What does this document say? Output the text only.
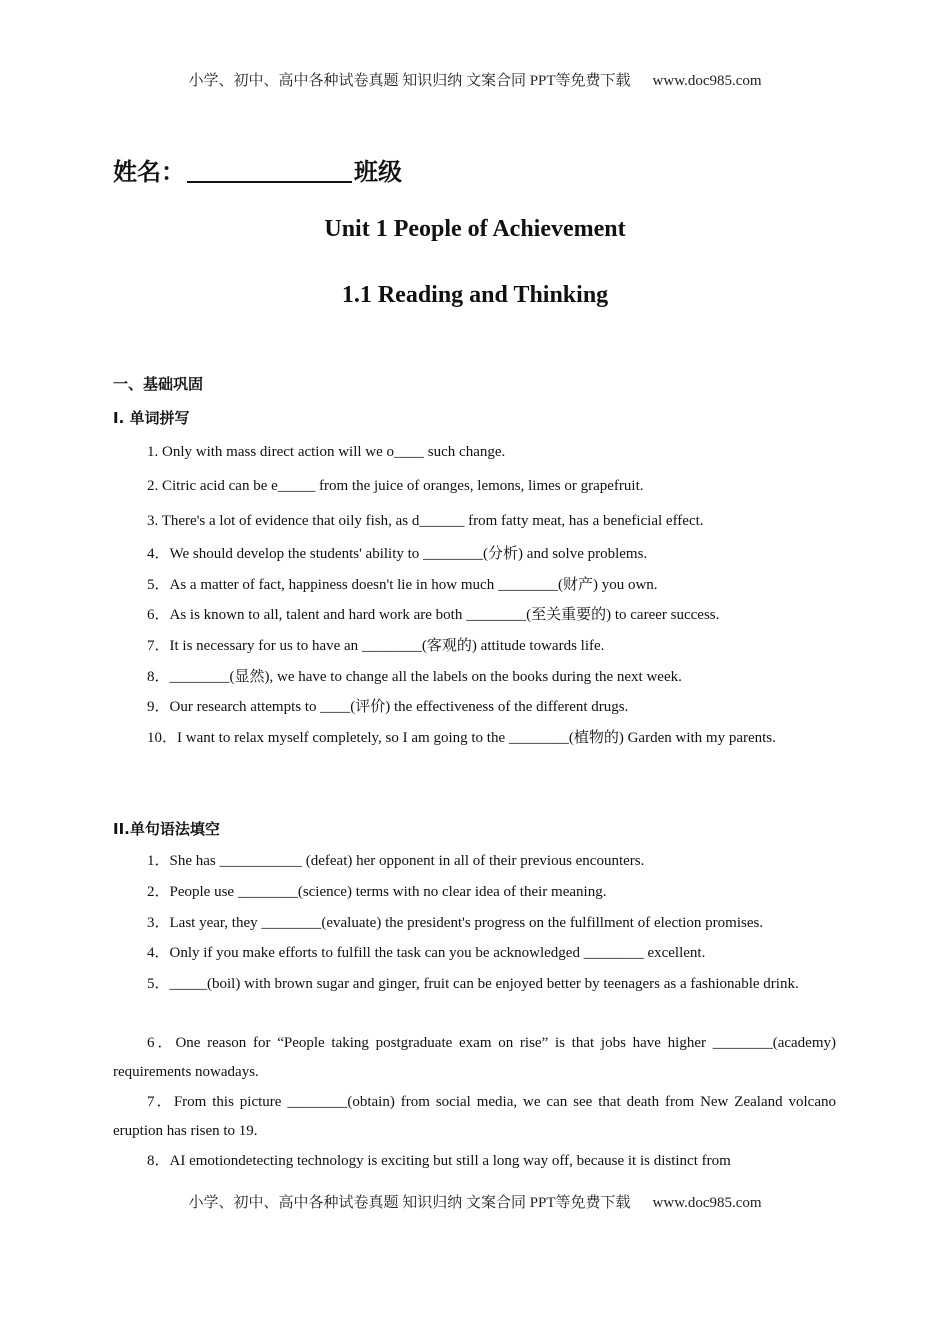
小学、初中、高中各种试卷真题 知识归纳 文案合同 PPT等免费下载 www.doc985.com
姓名：	班级
Unit 1 People of Achievement
1.1 Reading and Thinking
一、基础巩固
I. 单词拼写
1. Only with mass direct action will we o____ such change.
2. Citric acid can be e_____ from the juice of oranges, lemons, limes or grapefruit.
3. There's a lot of evidence that oily fish, as d______ from fatty meat, has a beneficial effect.
4．We should develop the students' ability to ________(分析) and solve problems.
5．As a matter of fact, happiness doesn't lie in how much ________(财产) you own.
6．As is known to all, talent and hard work are both ________(至关重要的) to career success.
7．It is necessary for us to have an ________(客观的) attitude towards life.
8．________(显然), we have to change all the labels on the books during the next week.
9．Our research attempts to ____(评价) the effectiveness of the different drugs.
10．I want to relax myself completely, so I am going to the ________(植物的) Garden with my parents.
II.单句语法填空
1．She has ___________ (defeat) her opponent in all of their previous encounters.
2．People use ________(science) terms with no clear idea of their meaning.
3．Last year, they ________(evaluate) the president's progress on the fulfillment of election promises.
4．Only if you make efforts to fulfill the task can you be acknowledged ________ excellent.
5．_____(boil) with brown sugar and ginger, fruit can be enjoyed better by teenagers as a fashionable drink.
6．One reason for “People taking postgraduate exam on rise” is that jobs have higher ________(academy) requirements nowadays.
7．From this picture ________(obtain) from social media, we can see that death from New Zealand volcano eruption has risen to 19.
8．AI emotiondetecting technology is exciting but still a long way off, because it is distinct from
小学、初中、高中各种试卷真题 知识归纳 文案合同 PPT等免费下载 www.doc985.com
